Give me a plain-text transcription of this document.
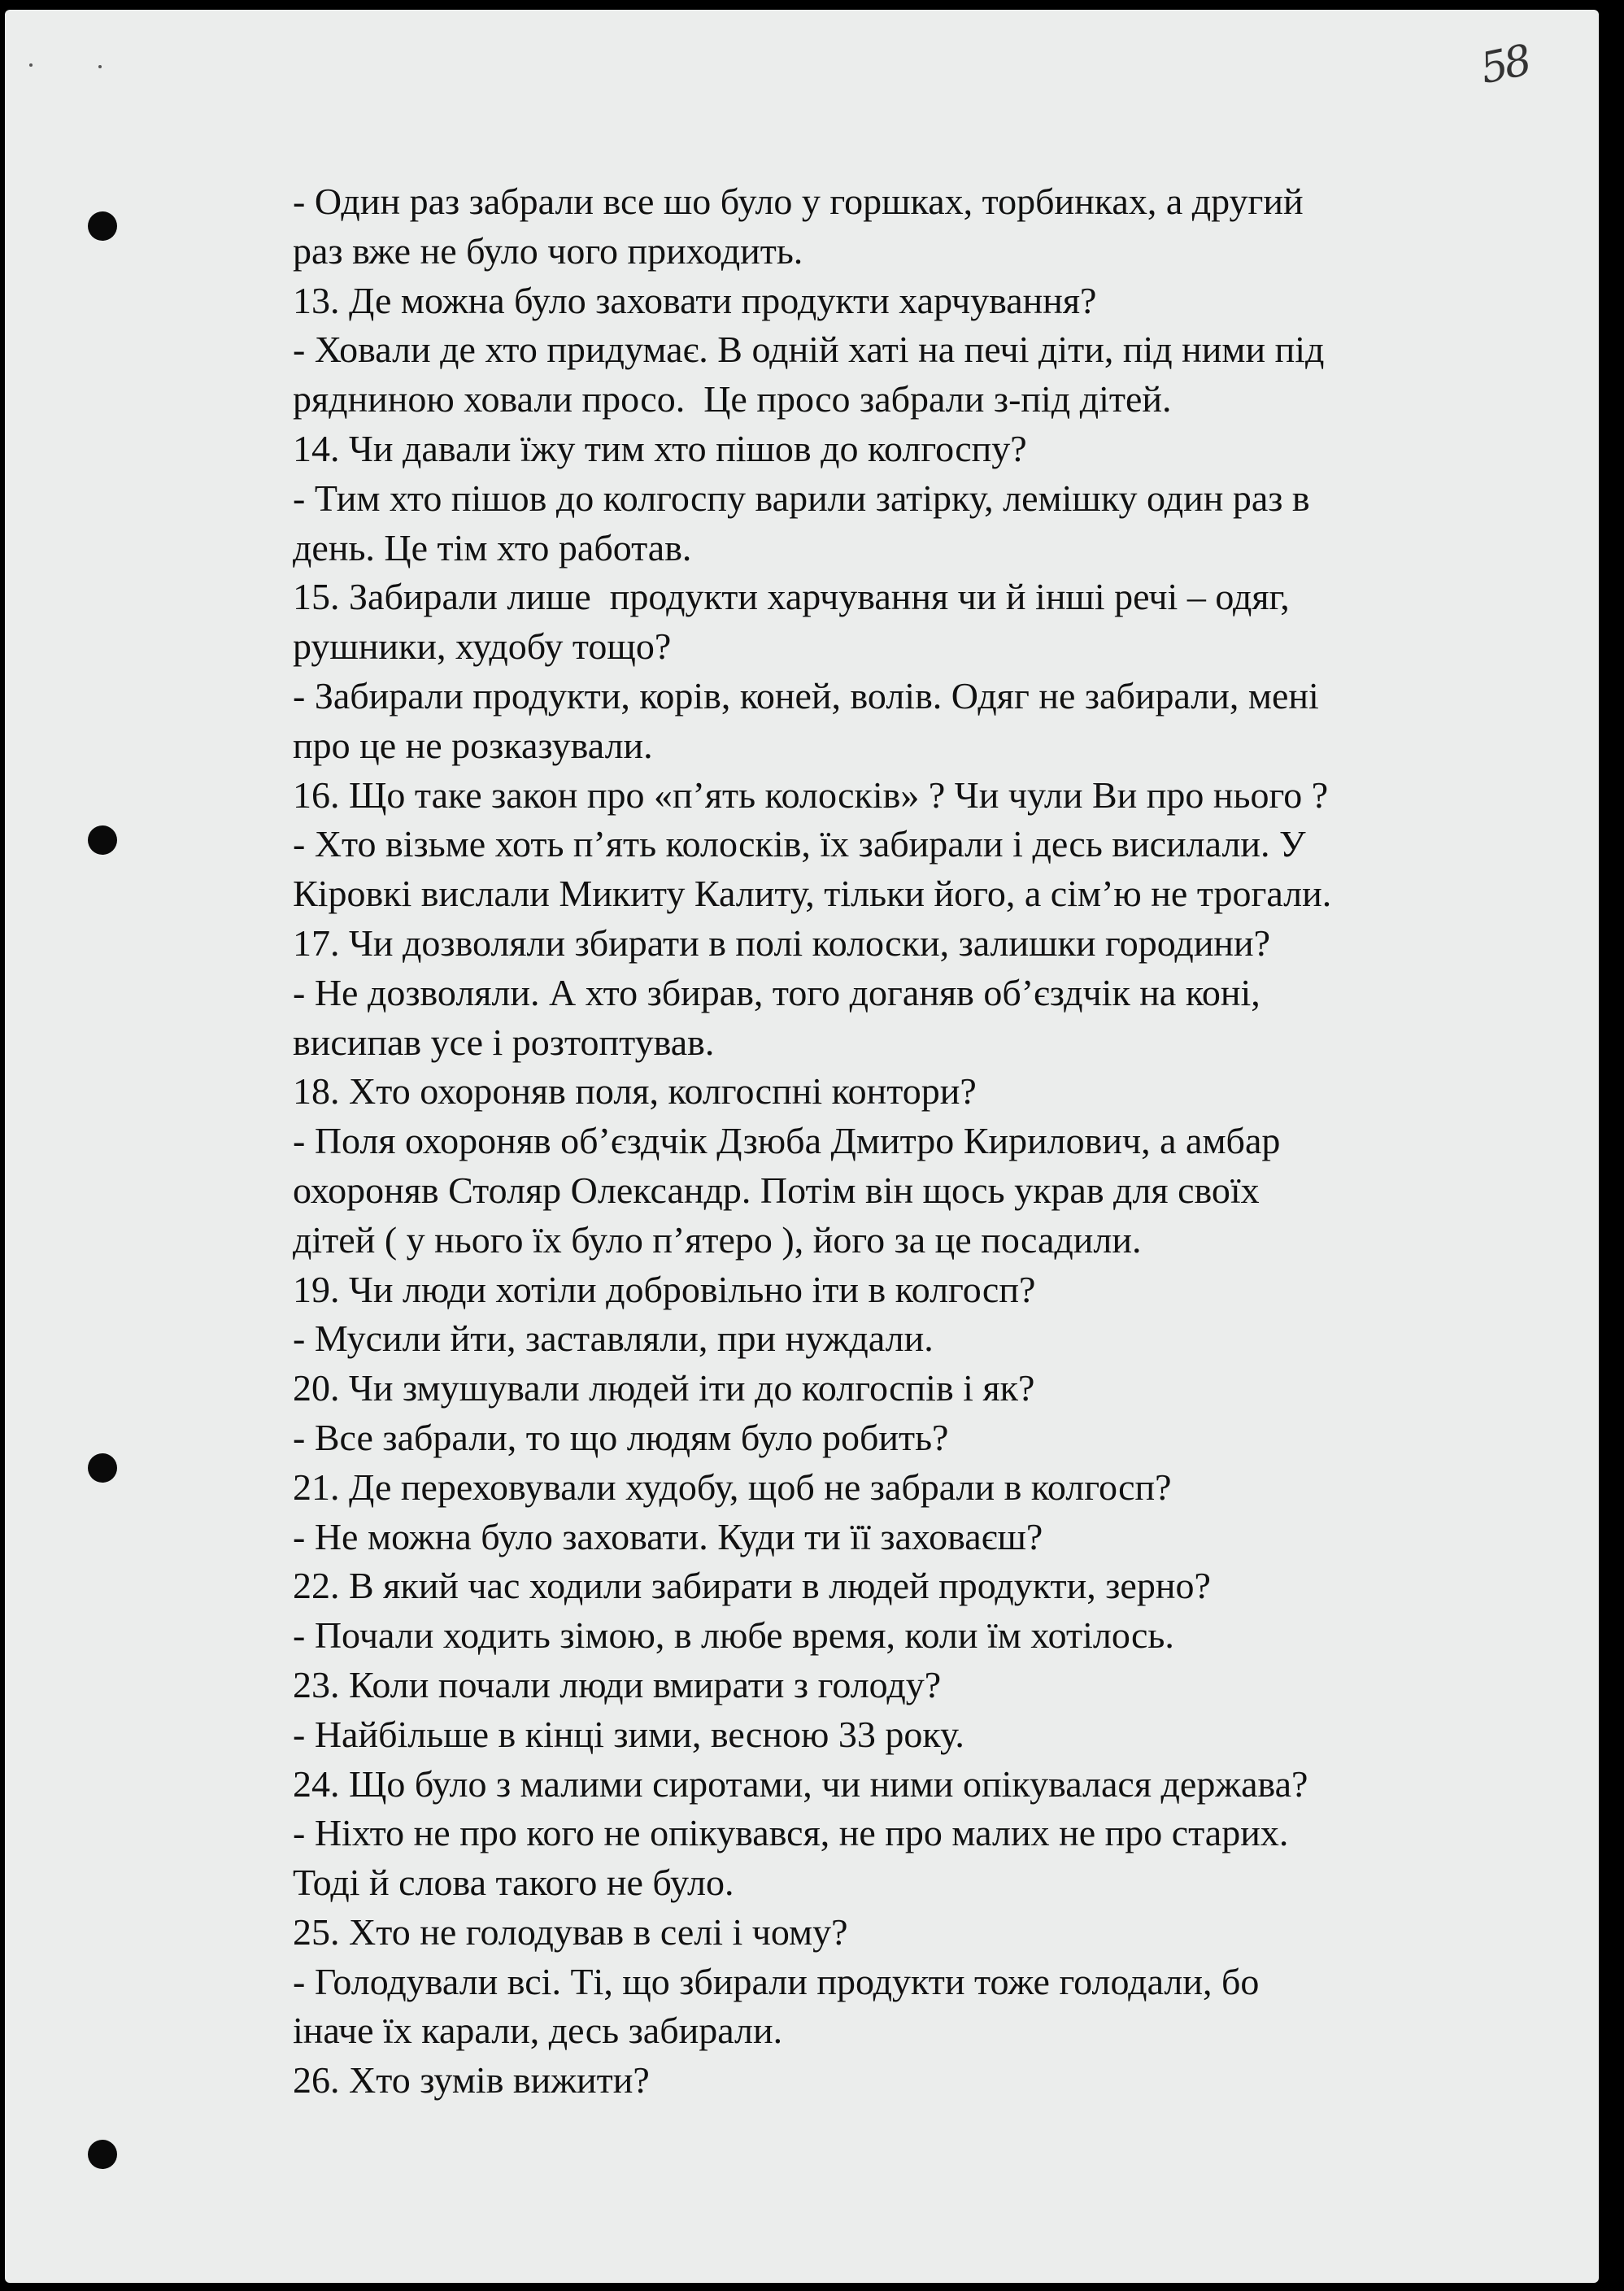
58
- Один раз забрали все шо було у горшках, торбинках, а другий
раз вже не було чого приходить.
13. Де можна було заховати продукти харчування?
- Ховали де хто придумає. В одній хаті на печі діти, під ними під
рядниною ховали просо.  Це просо забрали з-під дітей.
14. Чи давали їжу тим хто пішов до колгоспу?
- Тим хто пішов до колгоспу варили затірку, лемішку один раз в
день. Це тім хто работав.
15. Забирали лише  продукти харчування чи й інші речі – одяг,
рушники, худобу тощо?
- Забирали продукти, корів, коней, волів. Одяг не забирали, мені
про це не розказували.
16. Що таке закон про «п’ять колосків» ? Чи чули Ви про нього ?
- Хто візьме хоть п’ять колосків, їх забирали і десь висилали. У
Кіровкі вислали Микиту Калиту, тільки його, а сім’ю не трогали.
17. Чи дозволяли збирати в полі колоски, залишки городини?
- Не дозволяли. А хто збирав, того доганяв об’єздчік на коні,
висипав усе і розтоптував.
18. Хто охороняв поля, колгоспні контори?
- Поля охороняв об’єздчік Дзюба Дмитро Кирилович, а амбар
охороняв Столяр Олександр. Потім він щось украв для своїх
дітей ( у нього їх було п’ятеро ), його за це посадили.
19. Чи люди хотіли добровільно іти в колгосп?
- Мусили йти, заставляли, при нуждали.
20. Чи змушували людей іти до колгоспів і як?
- Все забрали, то що людям було робить?
21. Де переховували худобу, щоб не забрали в колгосп?
- Не можна було заховати. Куди ти її заховаєш?
22. В який час ходили забирати в людей продукти, зерно?
- Почали ходить зімою, в любе время, коли їм хотілось.
23. Коли почали люди вмирати з голоду?
- Найбільше в кінці зими, весною 33 року.
24. Що було з малими сиротами, чи ними опікувалася держава?
- Ніхто не про кого не опікувався, не про малих не про старих.
Тоді й слова такого не було.
25. Хто не голодував в селі і чому?
- Голодували всі. Ті, що збирали продукти тоже голодали, бо
іначе їх карали, десь забирали.
26. Хто зумів вижити?
